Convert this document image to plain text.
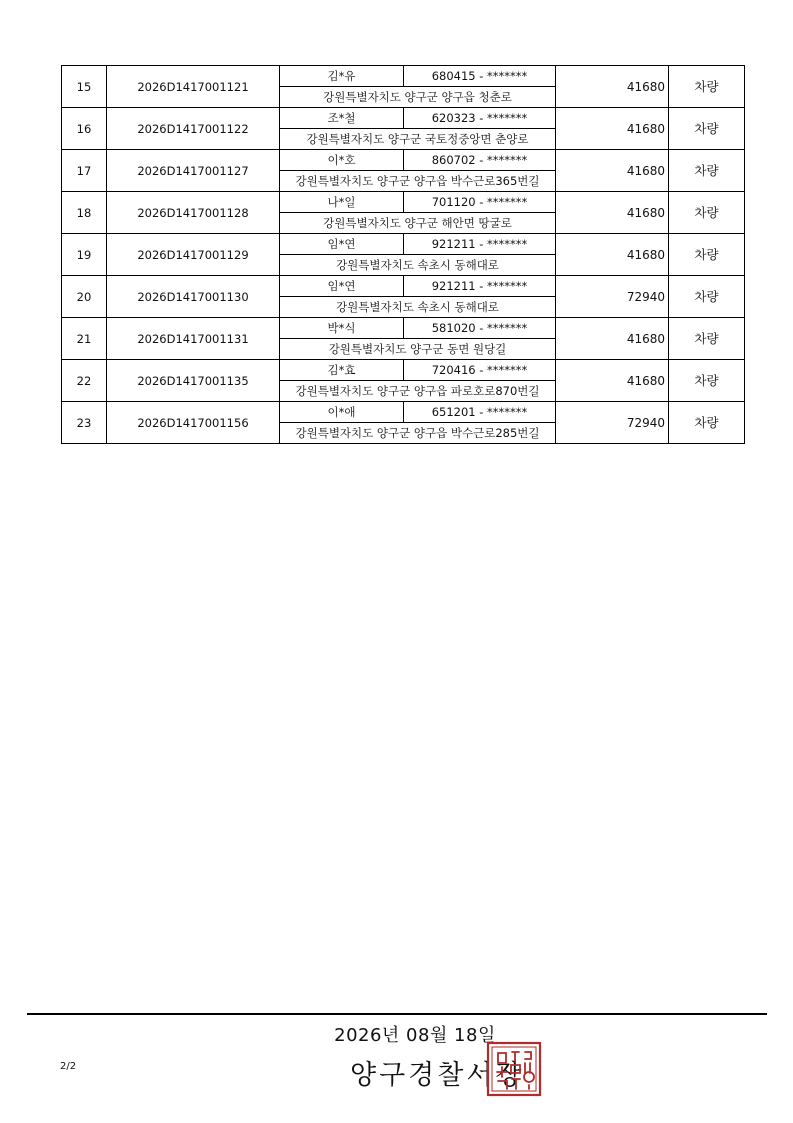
15	2026D1417001121	김*유	680415 - *******	41680	차량
		강원특별자치도 양구군 양구읍 청춘로			
16	2026D1417001122	조*철	620323 - *******	41680	차량
		강원특별자치도 양구군 국토정중앙면 춘양로			
17	2026D1417001127	이*호	860702 - *******	41680	차량
		강원특별자치도 양구군 양구읍 박수근로365번길			
18	2026D1417001128	나*일	701120 - *******	41680	차량
		강원특별자치도 양구군 해안면 땅굴로			
19	2026D1417001129	임*연	921211 - *******	41680	차량
		강원특별자치도 속초시 동해대로			
20	2026D1417001130	임*연	921211 - *******	72940	차량
		강원특별자치도 속초시 동해대로			
21	2026D1417001131	박*식	581020 - *******	41680	차량
		강원특별자치도 양구군 동면 원당길			
22	2026D1417001135	김*효	720416 - *******	41680	차량
		강원특별자치도 양구군 양구읍 파로호로870번길			
23	2026D1417001156	이*애	651201 - *******	72940	차량
		강원특별자치도 양구군 양구읍 박수근로285번길			
2026년 08월 18일
2/2	양구경찰서장
